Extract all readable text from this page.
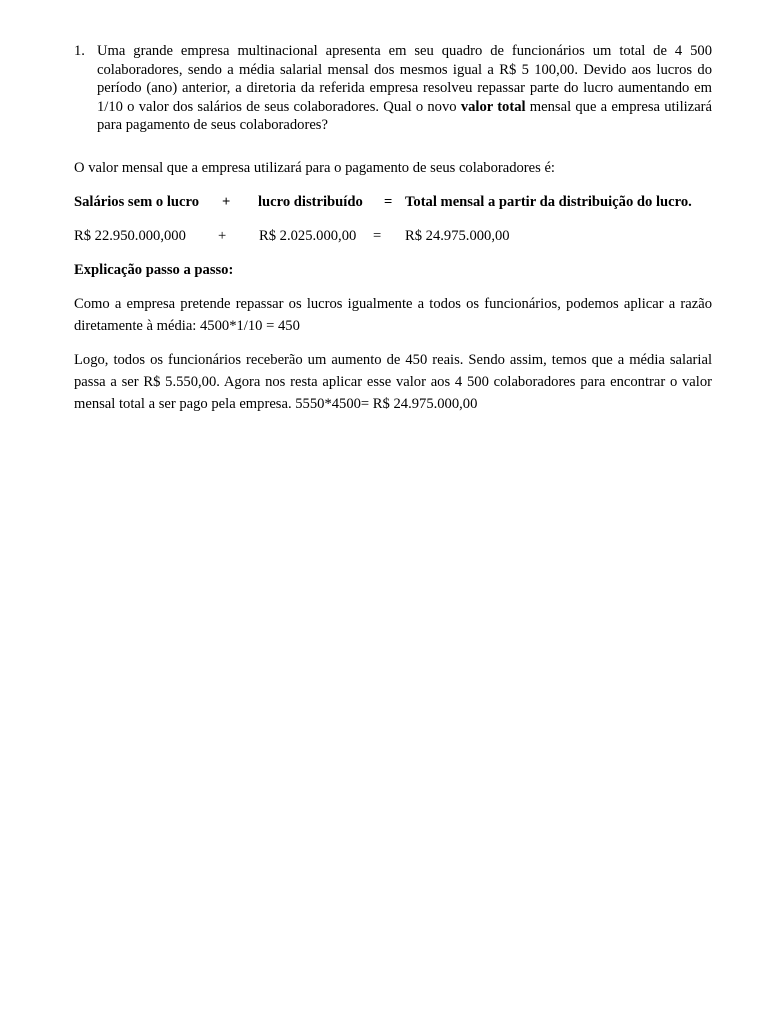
1. Uma grande empresa multinacional apresenta em seu quadro de funcionários um total de 4 500 colaboradores, sendo a média salarial mensal dos mesmos igual a R$ 5 100,00. Devido aos lucros do período (ano) anterior, a diretoria da referida empresa resolveu repassar parte do lucro aumentando em 1/10 o valor dos salários de seus colaboradores. Qual o novo valor total mensal que a empresa utilizará para pagamento de seus colaboradores?

O valor mensal que a empresa utilizará para o pagamento de seus colaboradores é:

Salários sem o lucro	+	lucro distribuído	= Total mensal a partir da distribuição do lucro.
R$ 22.950.000,000	+	R$ 2.025.000,00	=	R$ 24.975.000,00

Explicação passo a passo:

Como a empresa pretende repassar os lucros igualmente a todos os funcionários, podemos aplicar a razão diretamente à média: 4500*1/10 = 450

Logo, todos os funcionários receberão um aumento de 450 reais. Sendo assim, temos que a média salarial passa a ser R$ 5.550,00. Agora nos resta aplicar esse valor aos 4 500 colaboradores para encontrar o valor mensal total a ser pago pela empresa. 5550*4500= R$ 24.975.000,00
